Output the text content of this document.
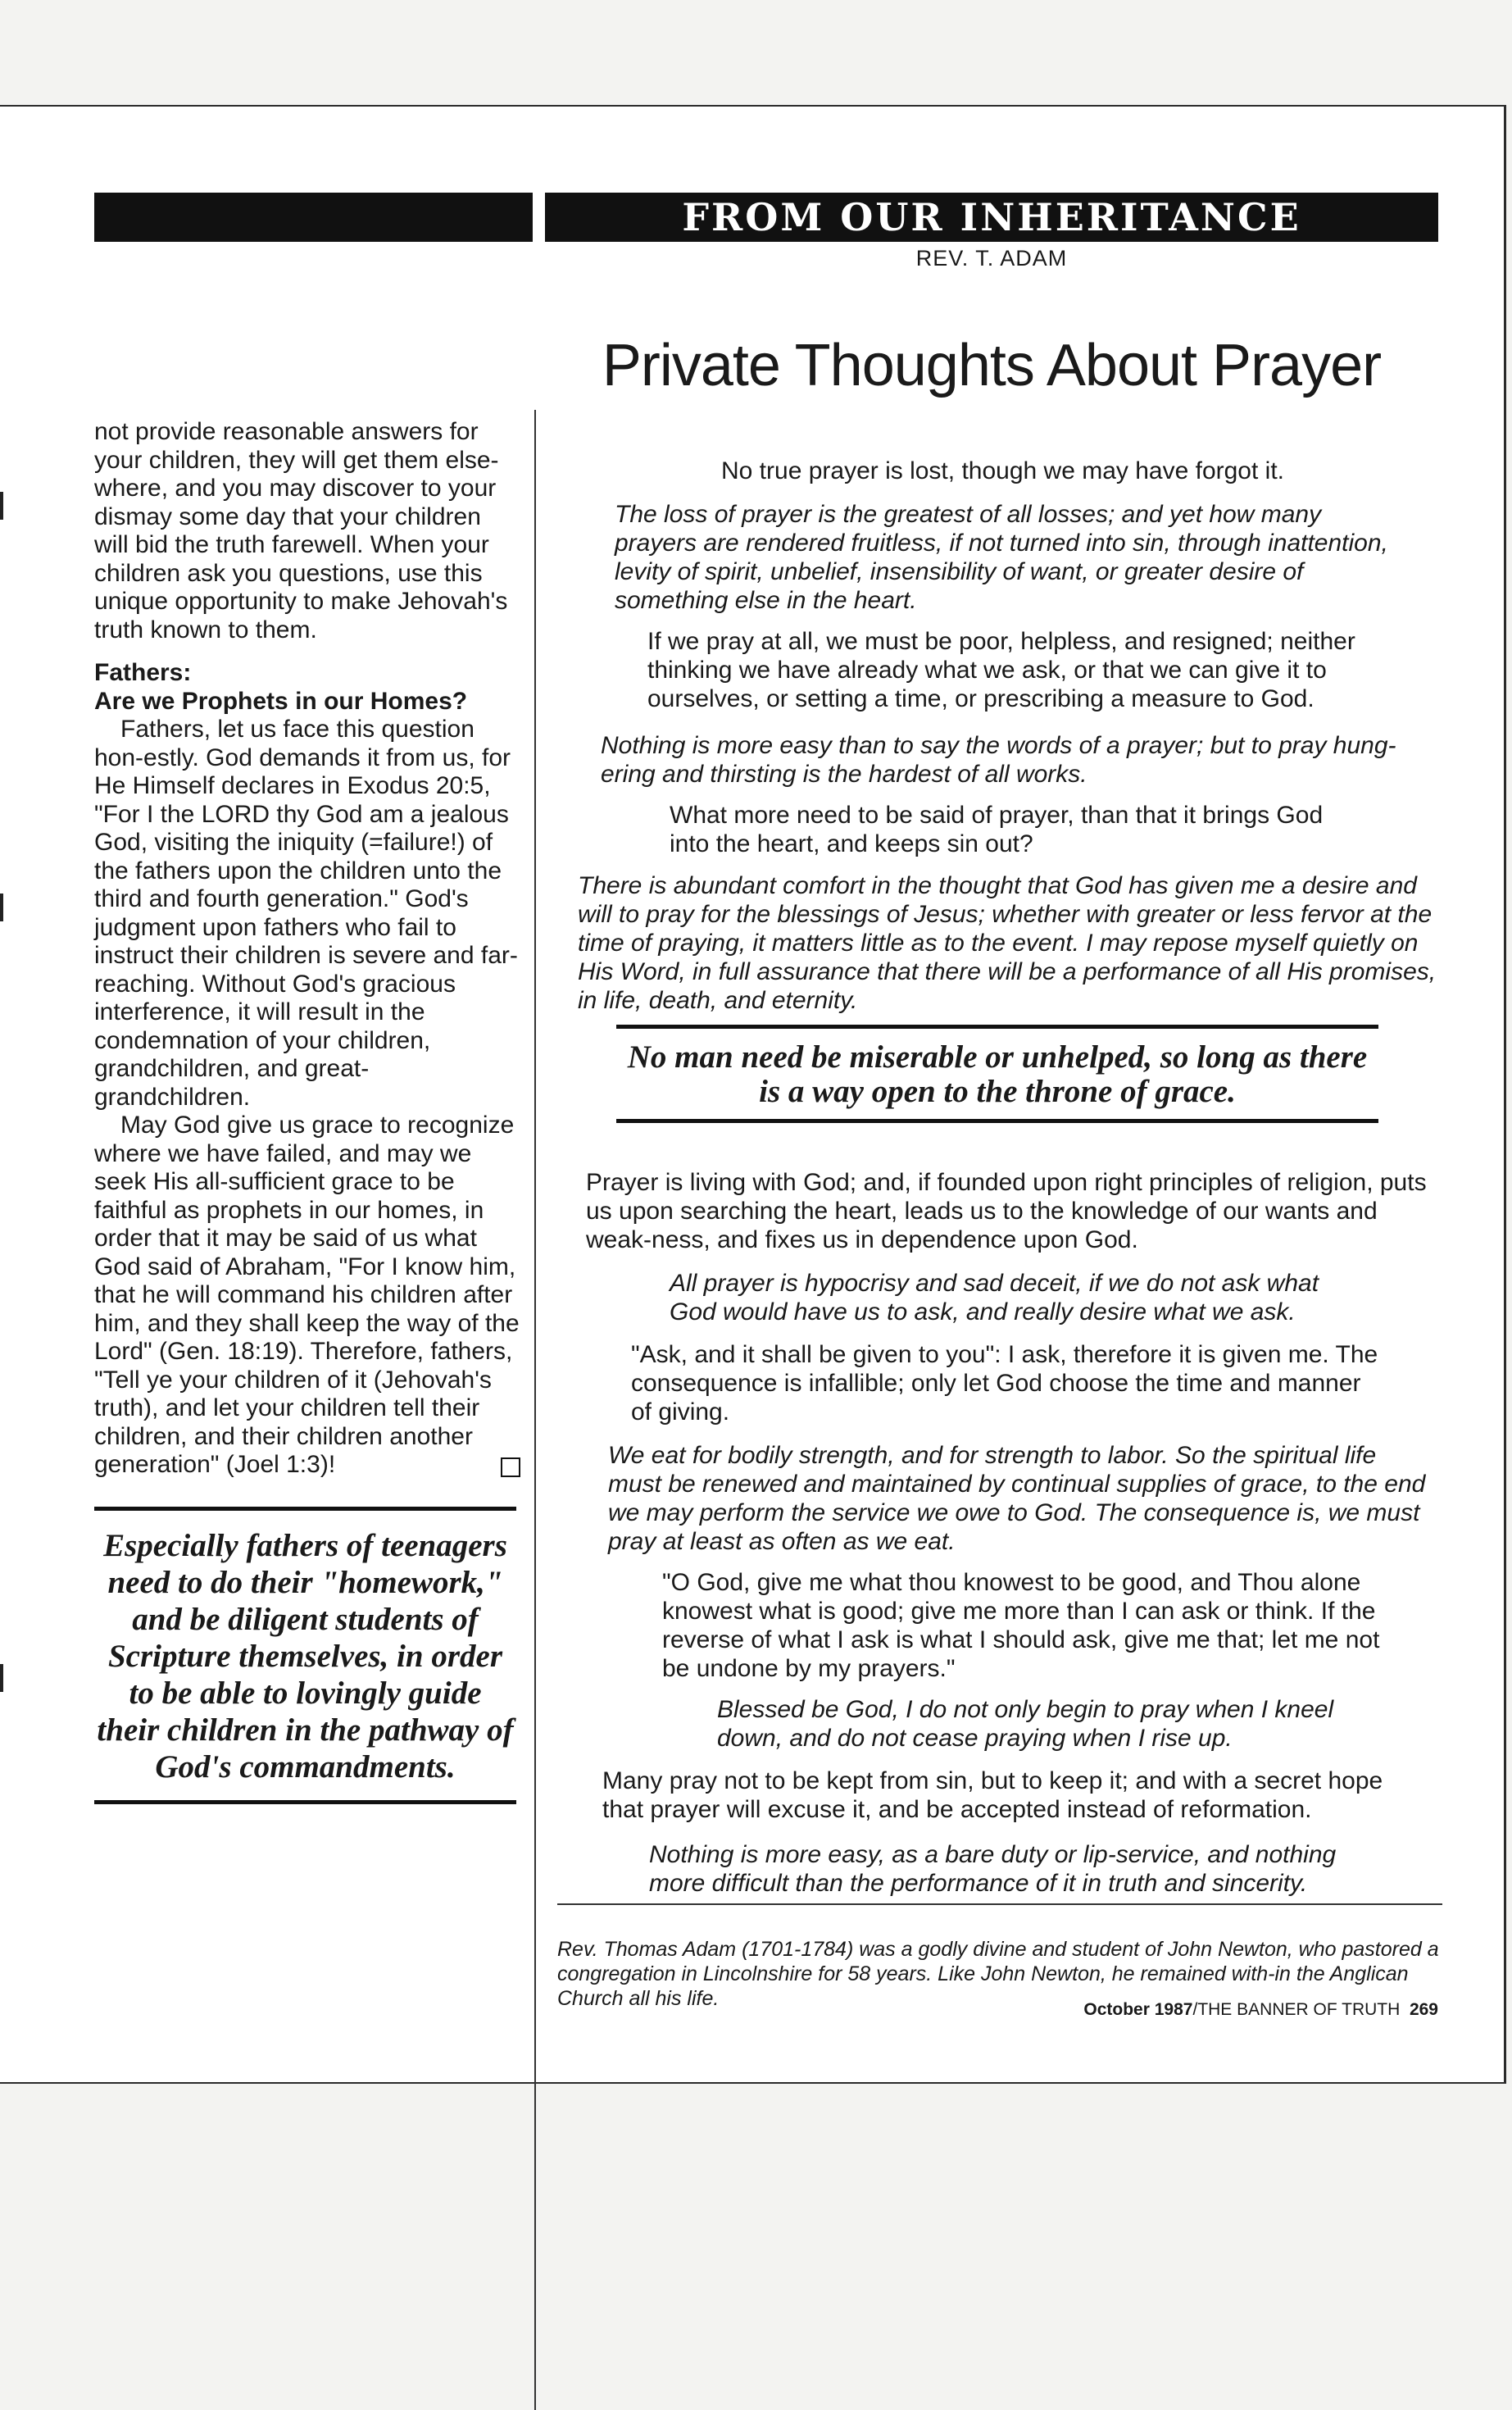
FROM OUR INHERITANCE
REV. T. ADAM
Private Thoughts About Prayer

not provide reasonable answers for your children, they will get them else-where, and you may discover to your dismay some day that your children will bid the truth farewell. When your children ask you questions, use this unique opportunity to make Jehovah's truth known to them.

Fathers:
Are we Prophets in our Homes?

Fathers, let us face this question hon-estly. God demands it from us, for He Himself declares in Exodus 20:5, "For I the LORD thy God am a jealous God, visiting the iniquity (=failure!) of the fathers upon the children unto the third and fourth generation." God's judgment upon fathers who fail to instruct their children is severe and far-reaching. Without God's gracious interference, it will result in the condemnation of your children, grandchildren, and great-grandchildren.

May God give us grace to recognize where we have failed, and may we seek His all-sufficient grace to be faithful as prophets in our homes, in order that it may be said of us what God said of Abraham, "For I know him, that he will command his children after him, and they shall keep the way of the Lord" (Gen. 18:19). Therefore, fathers, "Tell ye your children of it (Jehovah's truth), and let your children tell their children, and their children another generation" (Joel 1:3)!

Especially fathers of teenagers need to do their "homework," and be diligent students of Scripture themselves, in order to be able to lovingly guide their children in the pathway of God's commandments.

No true prayer is lost, though we may have forgot it.

The loss of prayer is the greatest of all losses; and yet how many prayers are rendered fruitless, if not turned into sin, through inattention, levity of spirit, unbelief, insensibility of want, or greater desire of something else in the heart.

If we pray at all, we must be poor, helpless, and resigned; neither thinking we have already what we ask, or that we can give it to ourselves, or setting a time, or prescribing a measure to God.

Nothing is more easy than to say the words of a prayer; but to pray hung-ering and thirsting is the hardest of all works.

What more need to be said of prayer, than that it brings God into the heart, and keeps sin out?

There is abundant comfort in the thought that God has given me a desire and will to pray for the blessings of Jesus; whether with greater or less fervor at the time of praying, it matters little as to the event. I may repose myself quietly on His Word, in full assurance that there will be a performance of all His promises, in life, death, and eternity.

No man need be miserable or unhelped, so long as there is a way open to the throne of grace.

Prayer is living with God; and, if founded upon right principles of religion, puts us upon searching the heart, leads us to the knowledge of our wants and weak-ness, and fixes us in dependence upon God.

All prayer is hypocrisy and sad deceit, if we do not ask what God would have us to ask, and really desire what we ask.

"Ask, and it shall be given to you": I ask, therefore it is given me. The consequence is infallible; only let God choose the time and manner of giving.

We eat for bodily strength, and for strength to labor. So the spiritual life must be renewed and maintained by continual supplies of grace, to the end we may perform the service we owe to God. The consequence is, we must pray at least as often as we eat.

"O God, give me what thou knowest to be good, and Thou alone knowest what is good; give me more than I can ask or think. If the reverse of what I ask is what I should ask, give me that; let me not be undone by my prayers."

Blessed be God, I do not only begin to pray when I kneel down, and do not cease praying when I rise up.

Many pray not to be kept from sin, but to keep it; and with a secret hope that prayer will excuse it, and be accepted instead of reformation.

Nothing is more easy, as a bare duty or lip-service, and nothing more difficult than the performance of it in truth and sincerity.

Rev. Thomas Adam (1701-1784) was a godly divine and student of John Newton, who pastored a congregation in Lincolnshire for 58 years. Like John Newton, he remained with-in the Anglican Church all his life.	October 1987/THE BANNER OF TRUTH 269
